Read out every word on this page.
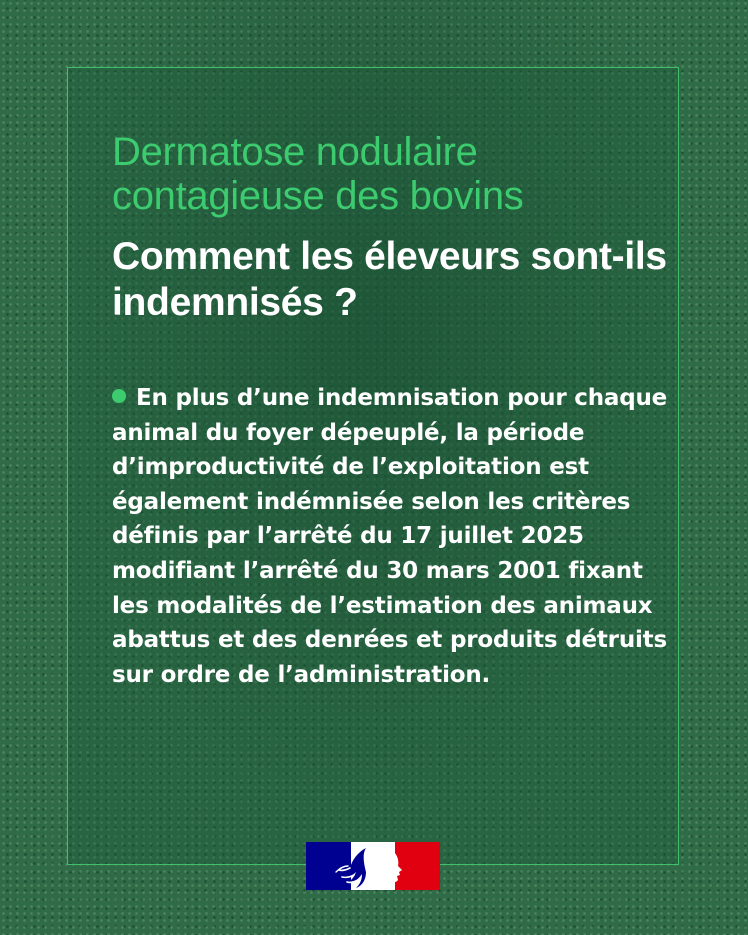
Dermatose nodulaire contagieuse des bovins
Comment les éleveurs sont-ils indemnisés ?

En plus d’une indemnisation pour chaque animal du foyer dépeuplé, la période d’improductivité de l’exploitation est également indémnisée selon les critères définis par l’arrêté du 17 juillet 2025 modifiant l’arrêté du 30 mars 2001 fixant les modalités de l’estimation des animaux abattus et des denrées et produits détruits sur ordre de l’administration.
